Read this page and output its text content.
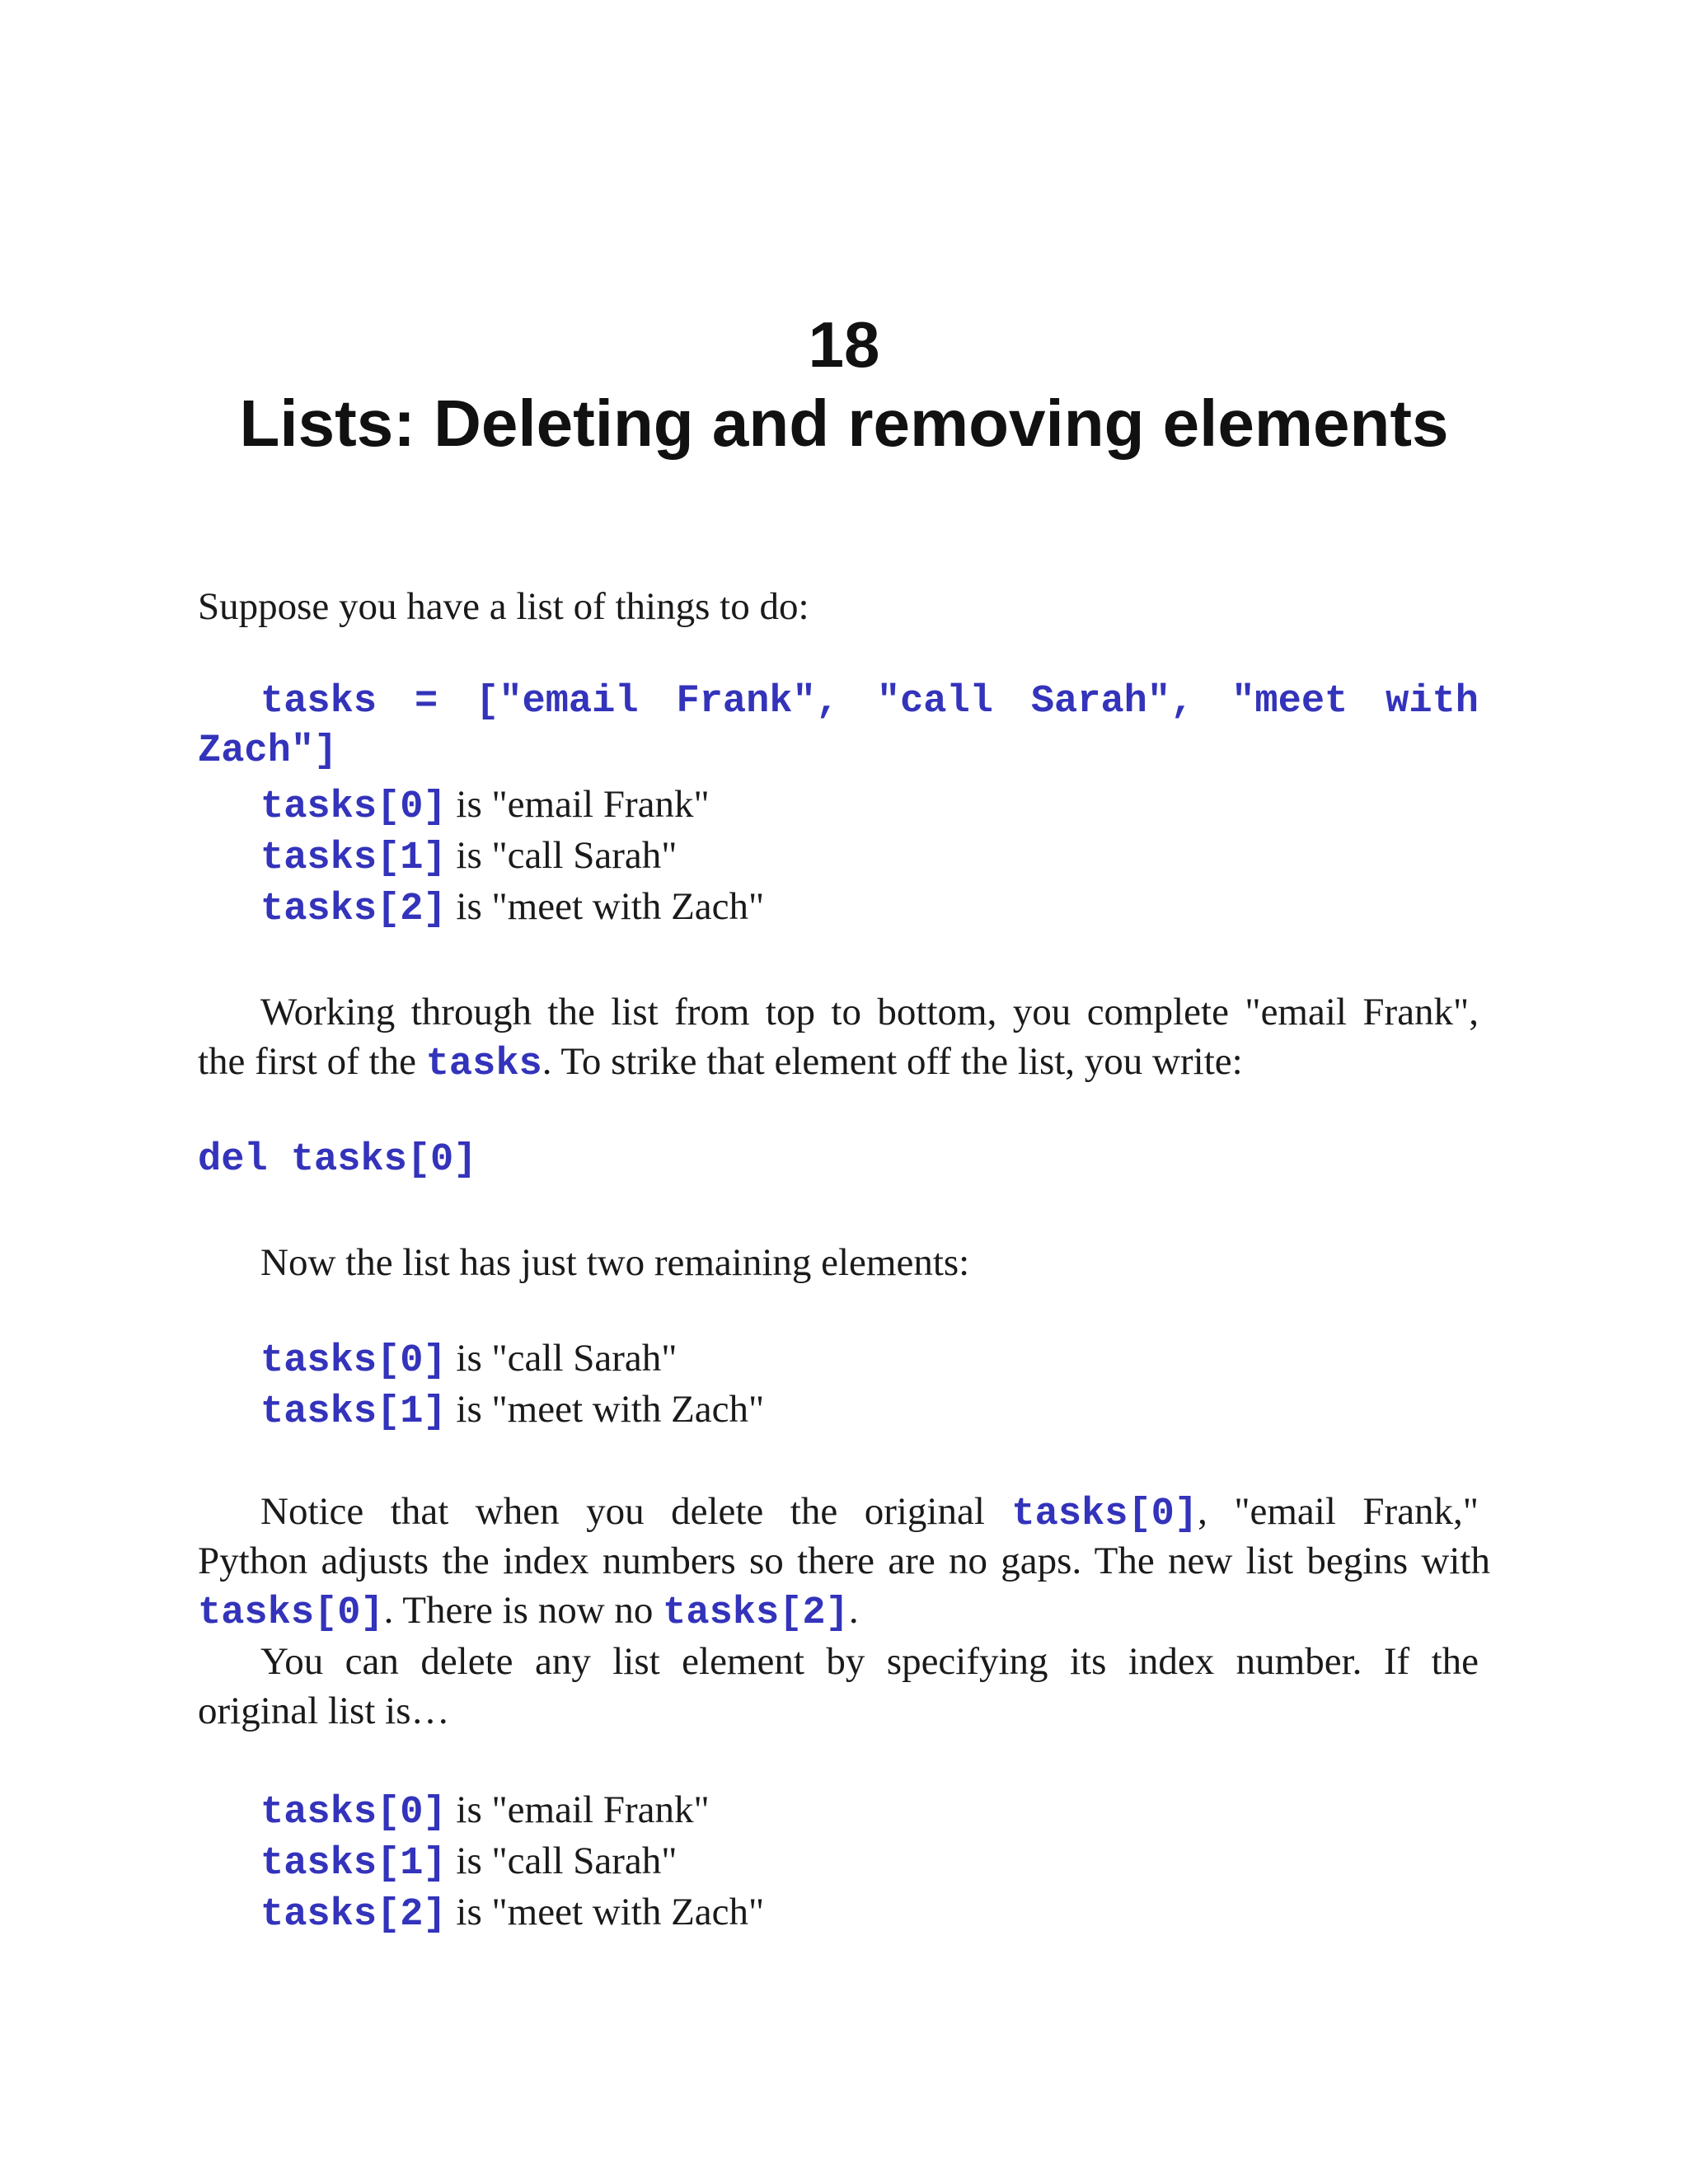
18
Lists: Deleting and removing elements
Suppose you have a list of things to do:
tasks = ["email Frank", "call Sarah", "meet with
Zach"]
tasks[0] is "email Frank"
tasks[1] is "call Sarah"
tasks[2] is "meet with Zach"
Working through the list from top to bottom, you complete "email Frank",
the first of the tasks. To strike that element off the list, you write:
del tasks[0]
Now the list has just two remaining elements:
tasks[0] is "call Sarah"
tasks[1] is "meet with Zach"
Notice that when you delete the original tasks[0], "email Frank,"
Python adjusts the index numbers so there are no gaps. The new list begins with
tasks[0]. There is now no tasks[2].
You can delete any list element by specifying its index number. If the
original list is…
tasks[0] is "email Frank"
tasks[1] is "call Sarah"
tasks[2] is "meet with Zach"
